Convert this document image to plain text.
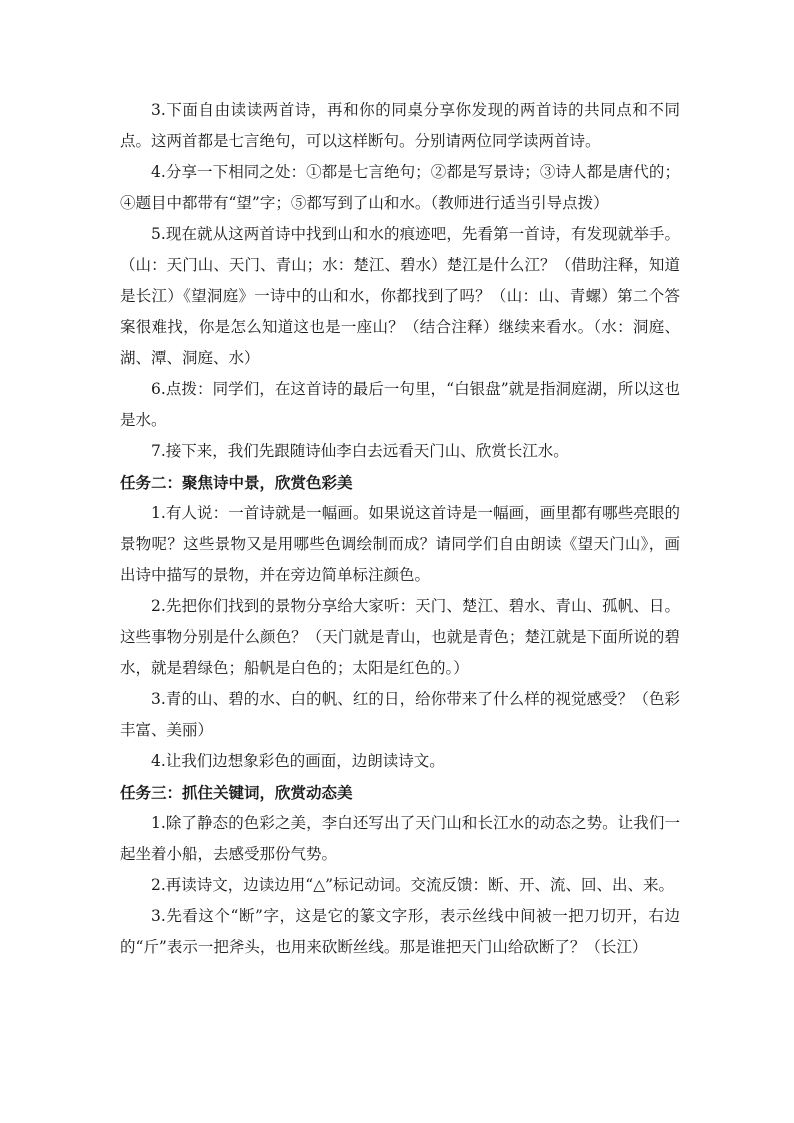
3.下面自由读读两首诗，再和你的同桌分享你发现的两首诗的共同点和不同点。这两首都是七言绝句，可以这样断句。分别请两位同学读两首诗。

4.分享一下相同之处：①都是七言绝句；②都是写景诗；③诗人都是唐代的；④题目中都带有“望”字；⑤都写到了山和水。（教师进行适当引导点拨）

5.现在就从这两首诗中找到山和水的痕迹吧，先看第一首诗，有发现就举手。（山：天门山、天门、青山；水：楚江、碧水）楚江是什么江？（借助注释，知道是长江）《望洞庭》一诗中的山和水，你都找到了吗？（山：山、青螺）第二个答案很难找，你是怎么知道这也是一座山？（结合注释）继续来看水。（水：洞庭、湖、潭、洞庭、水）

6.点拨：同学们，在这首诗的最后一句里，“白银盘”就是指洞庭湖，所以这也是水。

7.接下来，我们先跟随诗仙李白去远看天门山、欣赏长江水。

任务二：聚焦诗中景，欣赏色彩美

1.有人说：一首诗就是一幅画。如果说这首诗是一幅画，画里都有哪些亮眼的景物呢？这些景物又是用哪些色调绘制而成？请同学们自由朗读《望天门山》，画出诗中描写的景物，并在旁边简单标注颜色。

2.先把你们找到的景物分享给大家听：天门、楚江、碧水、青山、孤帆、日。这些事物分别是什么颜色？（天门就是青山，也就是青色；楚江就是下面所说的碧水，就是碧绿色；船帆是白色的；太阳是红色的。）

3.青的山、碧的水、白的帆、红的日，给你带来了什么样的视觉感受？（色彩丰富、美丽）

4.让我们边想象彩色的画面，边朗读诗文。

任务三：抓住关键词，欣赏动态美

1.除了静态的色彩之美，李白还写出了天门山和长江水的动态之势。让我们一起坐着小船，去感受那份气势。

2.再读诗文，边读边用“△”标记动词。交流反馈：断、开、流、回、出、来。

3.先看这个“断”字，这是它的篆文字形，表示丝线中间被一把刀切开，右边的“斤”表示一把斧头，也用来砍断丝线。那是谁把天门山给砍断了？（长江）
